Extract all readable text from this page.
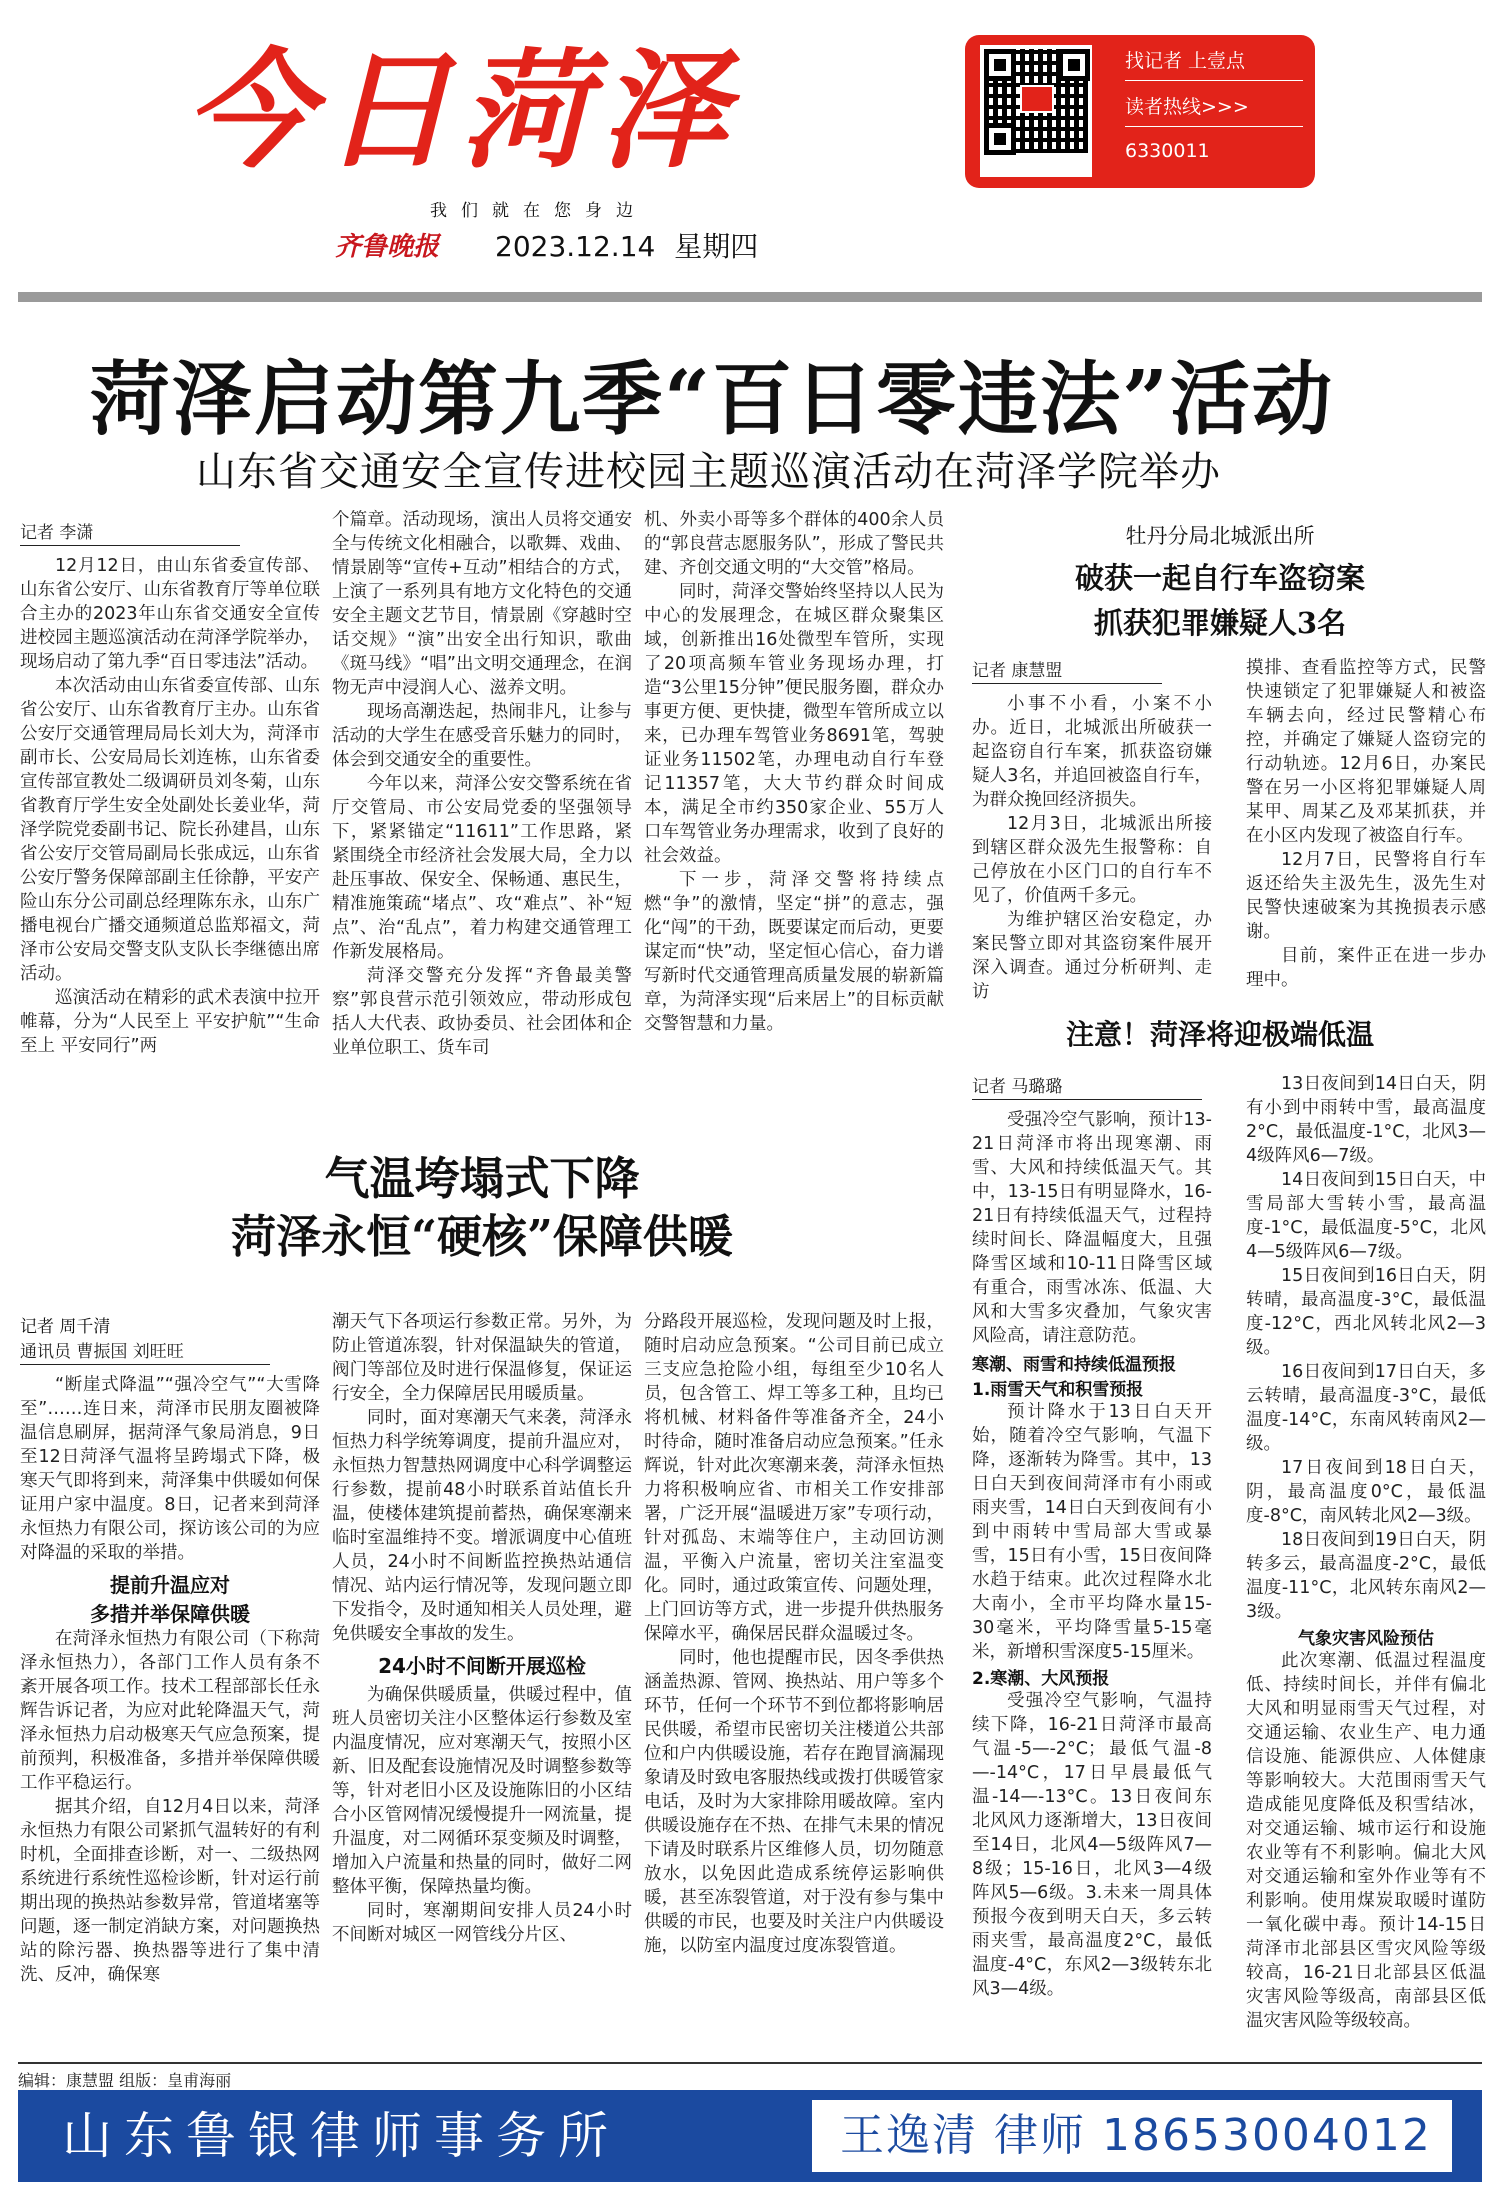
今日菏泽
我们就在您身边
齐鲁晚报 2023.12.14 星期四
找记者 上壹点
读者热线>>>
6330011
菏泽启动第九季“百日零违法”活动
山东省交通安全宣传进校园主题巡演活动在菏泽学院举办
记者 李潇

12月12日，由山东省委宣传部、山东省公安厅、山东省教育厅等单位联合主办的2023年山东省交通安全宣传进校园主题巡演活动在菏泽学院举办，现场启动了第九季“百日零违法”活动。

本次活动由山东省委宣传部、山东省公安厅、山东省教育厅主办。山东省公安厅交通管理局局长刘大为，菏泽市副市长、公安局局长刘连栋，山东省委宣传部宣教处二级调研员刘冬菊，山东省教育厅学生安全处副处长姜业华，菏泽学院党委副书记、院长孙建昌，山东省公安厅交管局副局长张成远，山东省公安厅警务保障部副主任徐静，平安产险山东分公司副总经理陈东永，山东广播电视台广播交通频道总监郑福文，菏泽市公安局交警支队支队长李继德出席活动。

巡演活动在精彩的武术表演中拉开帷幕，分为“人民至上 平安护航”“生命至上 平安同行”两

个篇章。活动现场，演出人员将交通安全与传统文化相融合，以歌舞、戏曲、情景剧等“宣传+互动”相结合的方式，上演了一系列具有地方文化特色的交通安全主题文艺节目，情景剧《穿越时空话交规》“演”出安全出行知识，歌曲《斑马线》“唱”出文明交通理念，在润物无声中浸润人心、滋养文明。

现场高潮迭起，热闹非凡，让参与活动的大学生在感受音乐魅力的同时，体会到交通安全的重要性。

今年以来，菏泽公安交警系统在省厅交管局、市公安局党委的坚强领导下，紧紧锚定“11611”工作思路，紧紧围绕全市经济社会发展大局，全力以赴压事故、保安全、保畅通、惠民生，精准施策疏“堵点”、攻“难点”、补“短点”、治“乱点”，着力构建交通管理工作新发展格局。

菏泽交警充分发挥“齐鲁最美警察”郭良营示范引领效应，带动形成包括人大代表、政协委员、社会团体和企业单位职工、货车司

机、外卖小哥等多个群体的400余人员的“郭良营志愿服务队”，形成了警民共建、齐创交通文明的“大交管”格局。

同时，菏泽交警始终坚持以人民为中心的发展理念，在城区群众聚集区域，创新推出16处微型车管所，实现了20项高频车管业务现场办理，打造“3公里15分钟”便民服务圈，群众办事更方便、更快捷，微型车管所成立以来，已办理车驾管业务8691笔，驾驶证业务11502笔，办理电动自行车登记11357笔，大大节约群众时间成本，满足全市约350家企业、55万人口车驾管业务办理需求，收到了良好的社会效益。

下一步，菏泽交警将持续点燃“争”的激情，坚定“拼”的意志，强化“闯”的干劲，既要谋定而后动，更要谋定而“快”动，坚定恒心信心，奋力谱写新时代交通管理高质量发展的崭新篇章，为菏泽实现“后来居上”的目标贡献交警智慧和力量。

牡丹分局北城派出所
破获一起自行车盗窃案
抓获犯罪嫌疑人3名
记者 康慧盟

小事不小看，小案不小办。近日，北城派出所破获一起盗窃自行车案，抓获盗窃嫌疑人3名，并追回被盗自行车，为群众挽回经济损失。

12月3日，北城派出所接到辖区群众汲先生报警称：自己停放在小区门口的自行车不见了，价值两千多元。

为维护辖区治安稳定，办案民警立即对其盗窃案件展开深入调查。通过分析研判、走访

摸排、查看监控等方式，民警快速锁定了犯罪嫌疑人和被盗车辆去向，经过民警精心布控，并确定了嫌疑人盗窃完的行动轨迹。12月6日，办案民警在另一小区将犯罪嫌疑人周某甲、周某乙及邓某抓获，并在小区内发现了被盗自行车。

12月7日，民警将自行车返还给失主汲先生，汲先生对民警快速破案为其挽损表示感谢。

目前，案件正在进一步办理中。

注意！菏泽将迎极端低温
记者 马璐璐

受强冷空气影响，预计13-21日菏泽市将出现寒潮、雨雪、大风和持续低温天气。其中，13-15日有明显降水，16-21日有持续低温天气，过程持续时间长、降温幅度大，且强降雪区域和10-11日降雪区域有重合，雨雪冰冻、低温、大风和大雪多灾叠加，气象灾害风险高，请注意防范。

寒潮、雨雪和持续低温预报
1.雨雪天气和积雪预报

预计降水于13日白天开始，随着冷空气影响，气温下降，逐渐转为降雪。其中，13日白天到夜间菏泽市有小雨或雨夹雪，14日白天到夜间有小到中雨转中雪局部大雪或暴雪，15日有小雪，15日夜间降水趋于结束。此次过程降水北大南小，全市平均降水量15-30毫米，平均降雪量5-15毫米，新增积雪深度5-15厘米。

2.寒潮、大风预报

受强冷空气影响，气温持续下降，16-21日菏泽市最高气温-5—-2°C；最低气温-8—-14°C，17日早晨最低气温-14—-13°C。13日夜间东北风风力逐渐增大，13日夜间至14日，北风4—5级阵风7—8级；15-16日，北风3—4级阵风5—6级。3.未来一周具体预报今夜到明天白天，多云转雨夹雪，最高温度2°C，最低温度-4°C，东风2—3级转东北风3—4级。

13日夜间到14日白天，阴有小到中雨转中雪，最高温度2°C，最低温度-1°C，北风3—4级阵风6—7级。

14日夜间到15日白天，中雪局部大雪转小雪，最高温度-1°C，最低温度-5°C，北风4—5级阵风6—7级。

15日夜间到16日白天，阴转晴，最高温度-3°C，最低温度-12°C，西北风转北风2—3级。

16日夜间到17日白天，多云转晴，最高温度-3°C，最低温度-14°C，东南风转南风2—级。

17日夜间到18日白天，阴，最高温度0°C，最低温度-8°C，南风转北风2—3级。

18日夜间到19日白天，阴转多云，最高温度-2°C，最低温度-11°C，北风转东南风2—3级。

气象灾害风险预估

此次寒潮、低温过程温度低、持续时间长，并伴有偏北大风和明显雨雪天气过程，对交通运输、农业生产、电力通信设施、能源供应、人体健康等影响较大。大范围雨雪天气造成能见度降低及积雪结冰，对交通运输、城市运行和设施农业等有不利影响。偏北大风对交通运输和室外作业等有不利影响。使用煤炭取暖时谨防一氧化碳中毒。预计14-15日菏泽市北部县区雪灾风险等级较高，16-21日北部县区低温灾害风险等级高，南部县区低温灾害风险等级较高。

气温垮塌式下降
菏泽永恒“硬核”保障供暖
记者 周千清
通讯员 曹振国 刘旺旺

“断崖式降温”“强冷空气”“大雪降至”……连日来，菏泽市民朋友圈被降温信息刷屏，据菏泽气象局消息，9日至12日菏泽气温将呈跨塌式下降，极寒天气即将到来，菏泽集中供暖如何保证用户家中温度。8日，记者来到菏泽永恒热力有限公司，探访该公司的为应对降温的采取的举措。

提前升温应对
多措并举保障供暖

在菏泽永恒热力有限公司（下称菏泽永恒热力），各部门工作人员有条不紊开展各项工作。技术工程部部长任永辉告诉记者，为应对此轮降温天气，菏泽永恒热力启动极寒天气应急预案，提前预判，积极准备，多措并举保障供暖工作平稳运行。

据其介绍，自12月4日以来，菏泽永恒热力有限公司紧抓气温转好的有利时机，全面排查诊断，对一、二级热网系统进行系统性巡检诊断，针对运行前期出现的换热站参数异常，管道堵塞等问题，逐一制定消缺方案，对问题换热站的除污器、换热器等进行了集中清洗、反冲，确保寒

潮天气下各项运行参数正常。另外，为防止管道冻裂，针对保温缺失的管道，阀门等部位及时进行保温修复，保证运行安全，全力保障居民用暖质量。

同时，面对寒潮天气来袭，菏泽永恒热力科学统筹调度，提前升温应对，永恒热力智慧热网调度中心科学调整运行参数，提前48小时联系首站值长升温，使楼体建筑提前蓄热，确保寒潮来临时室温维持不变。增派调度中心值班人员，24小时不间断监控换热站通信情况、站内运行情况等，发现问题立即下发指令，及时通知相关人员处理，避免供暖安全事故的发生。

24小时不间断开展巡检

为确保供暖质量，供暖过程中，值班人员密切关注小区整体运行参数及室内温度情况，应对寒潮天气，按照小区新、旧及配套设施情况及时调整参数等等，针对老旧小区及设施陈旧的小区结合小区管网情况缓慢提升一网流量，提升温度，对二网循环泵变频及时调整，增加入户流量和热量的同时，做好二网整体平衡，保障热量均衡。

同时，寒潮期间安排人员24小时不间断对城区一网管线分片区、

分路段开展巡检，发现问题及时上报，随时启动应急预案。“公司目前已成立三支应急抢险小组，每组至少10名人员，包含管工、焊工等多工种，且均已将机械、材料备件等准备齐全，24小时待命，随时准备启动应急预案。”任永辉说，针对此次寒潮来袭，菏泽永恒热力将积极响应省、市相关工作安排部署，广泛开展“温暖进万家”专项行动，针对孤岛、末端等住户，主动回访测温，平衡入户流量，密切关注室温变化。同时，通过政策宣传、问题处理，上门回访等方式，进一步提升供热服务保障水平，确保居民群众温暖过冬。

同时，他也提醒市民，因冬季供热涵盖热源、管网、换热站、用户等多个环节，任何一个环节不到位都将影响居民供暖，希望市民密切关注楼道公共部位和户内供暖设施，若存在跑冒滴漏现象请及时致电客服热线或拨打供暖管家电话，及时为大家排除用暖故障。室内供暖设施存在不热、在排气未果的情况下请及时联系片区维修人员，切勿随意放水，以免因此造成系统停运影响供暖，甚至冻裂管道，对于没有参与集中供暖的市民，也要及时关注户内供暖设施，以防室内温度过度冻裂管道。

编辑：康慧盟 组版：皇甫海丽
山东鲁银律师事务所	王逸清 律师 18653004012
